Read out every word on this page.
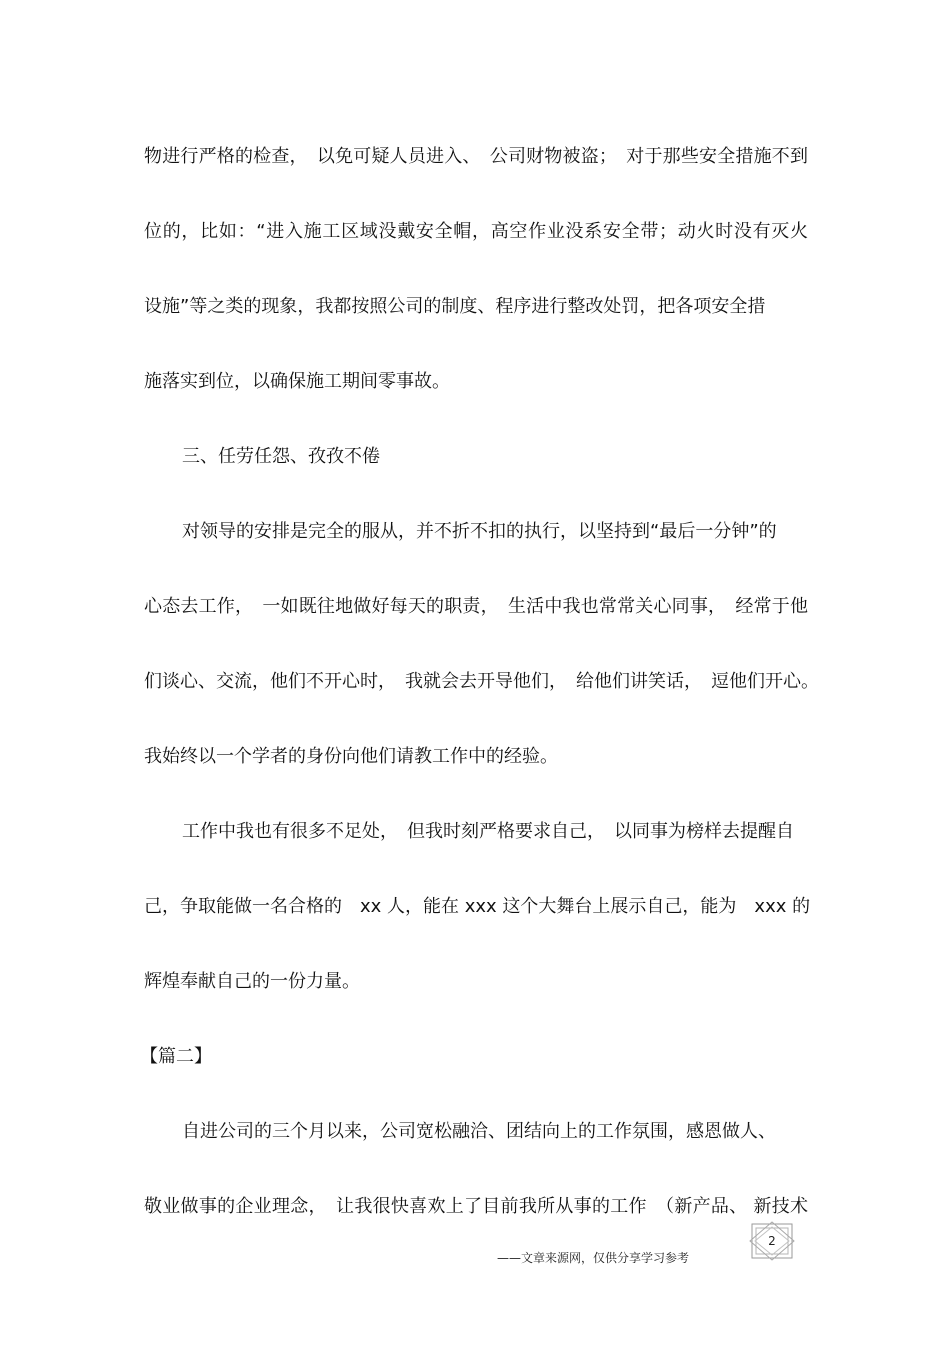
物进行严格的检查，　以免可疑人员进入、　公司财物被盗；　对于那些安全措施不到

位的，比如：“进入施工区域没戴安全帽，高空作业没系安全带；动火时没有灭火

设施”等之类的现象，我都按照公司的制度、程序进行整改处罚，把各项安全措

施落实到位，以确保施工期间零事故。

三、任劳任怨、孜孜不倦

对领导的安排是完全的服从，并不折不扣的执行，以坚持到“最后一分钟”的

心态去工作，　一如既往地做好每天的职责，　生活中我也常常关心同事，　经常于他

们谈心、交流，他们不开心时，　我就会去开导他们，　给他们讲笑话，　逗他们开心。

我始终以一个学者的身份向他们请教工作中的经验。

工作中我也有很多不足处，　但我时刻严格要求自己，　以同事为榜样去提醒自

己，争取能做一名合格的　xx 人，能在 xxx 这个大舞台上展示自己，能为　xxx 的

辉煌奉献自己的一份力量。

【篇二】

自进公司的三个月以来，公司宽松融洽、团结向上的工作氛围，感恩做人、

敬业做事的企业理念，　让我很快喜欢上了目前我所从事的工作　（新产品、 新技术

——文章来源网，仅供分享学习参考
2
